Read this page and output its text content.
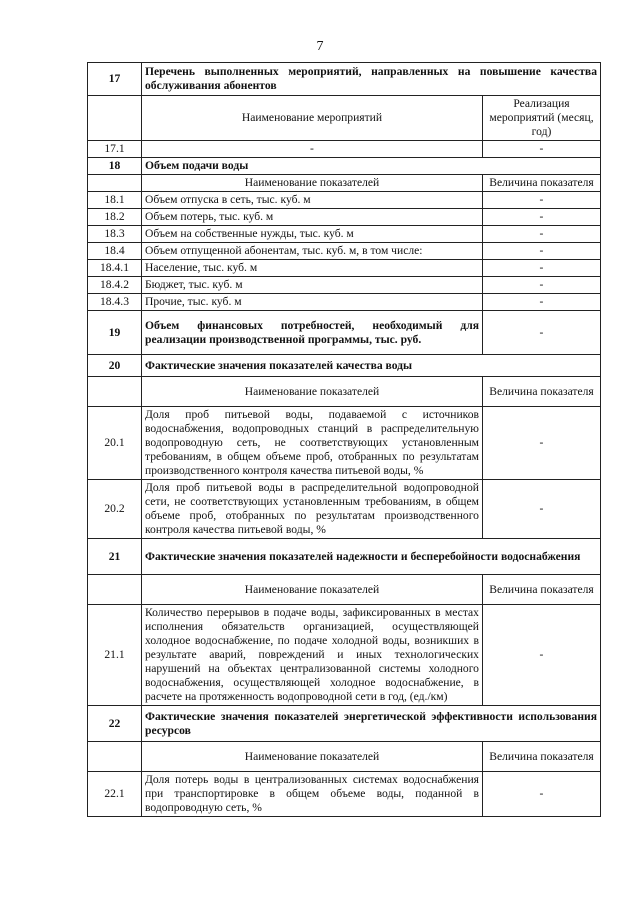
7
17	Перечень выполненных мероприятий, направленных на повышение качества обслуживания абонентов	
	Наименование мероприятий	Реализация мероприятий (месяц, год)
17.1	-	-
18	Объем подачи воды	
	Наименование показателей	Величина показателя
18.1	Объем отпуска в сеть, тыс. куб. м	-
18.2	Объем потерь, тыс. куб. м	-
18.3	Объем на собственные нужды, тыс. куб. м	-
18.4	Объем отпущенной абонентам, тыс. куб. м, в том числе:	-
18.4.1	Население, тыс. куб. м	-
18.4.2	Бюджет, тыс. куб. м	-
18.4.3	Прочие, тыс. куб. м	-
19	Объем финансовых потребностей, необходимый для реализации производственной программы, тыс. руб.	-
20	Фактические значения показателей качества воды	
	Наименование показателей	Величина показателя
20.1	Доля проб питьевой воды, подаваемой с источников водоснабжения, водопроводных станций в распределительную водопроводную сеть, не соответствующих установленным требованиям, в общем объеме проб, отобранных по результатам производственного контроля качества питьевой воды, %	-
20.2	Доля проб питьевой воды в распределительной водопроводной сети, не соответствующих установленным требованиям, в общем объеме проб, отобранных по результатам производственного контроля качества питьевой воды, %	-
21	Фактические значения показателей надежности и бесперебойности водоснабжения	
	Наименование показателей	Величина показателя
21.1	Количество перерывов в подаче воды, зафиксированных в местах исполнения обязательств организацией, осуществляющей холодное водоснабжение, по подаче холодной воды, возникших в результате аварий, повреждений и иных технологических нарушений на объектах централизованной системы холодного водоснабжения, осуществляющей холодное водоснабжение, в расчете на протяженность водопроводной сети в год, (ед./км)	-
22	Фактические значения показателей энергетической эффективности использования ресурсов	
	Наименование показателей	Величина показателя
22.1	Доля потерь воды в централизованных системах водоснабжения при транспортировке в общем объеме воды, поданной в водопроводную сеть, %	-
